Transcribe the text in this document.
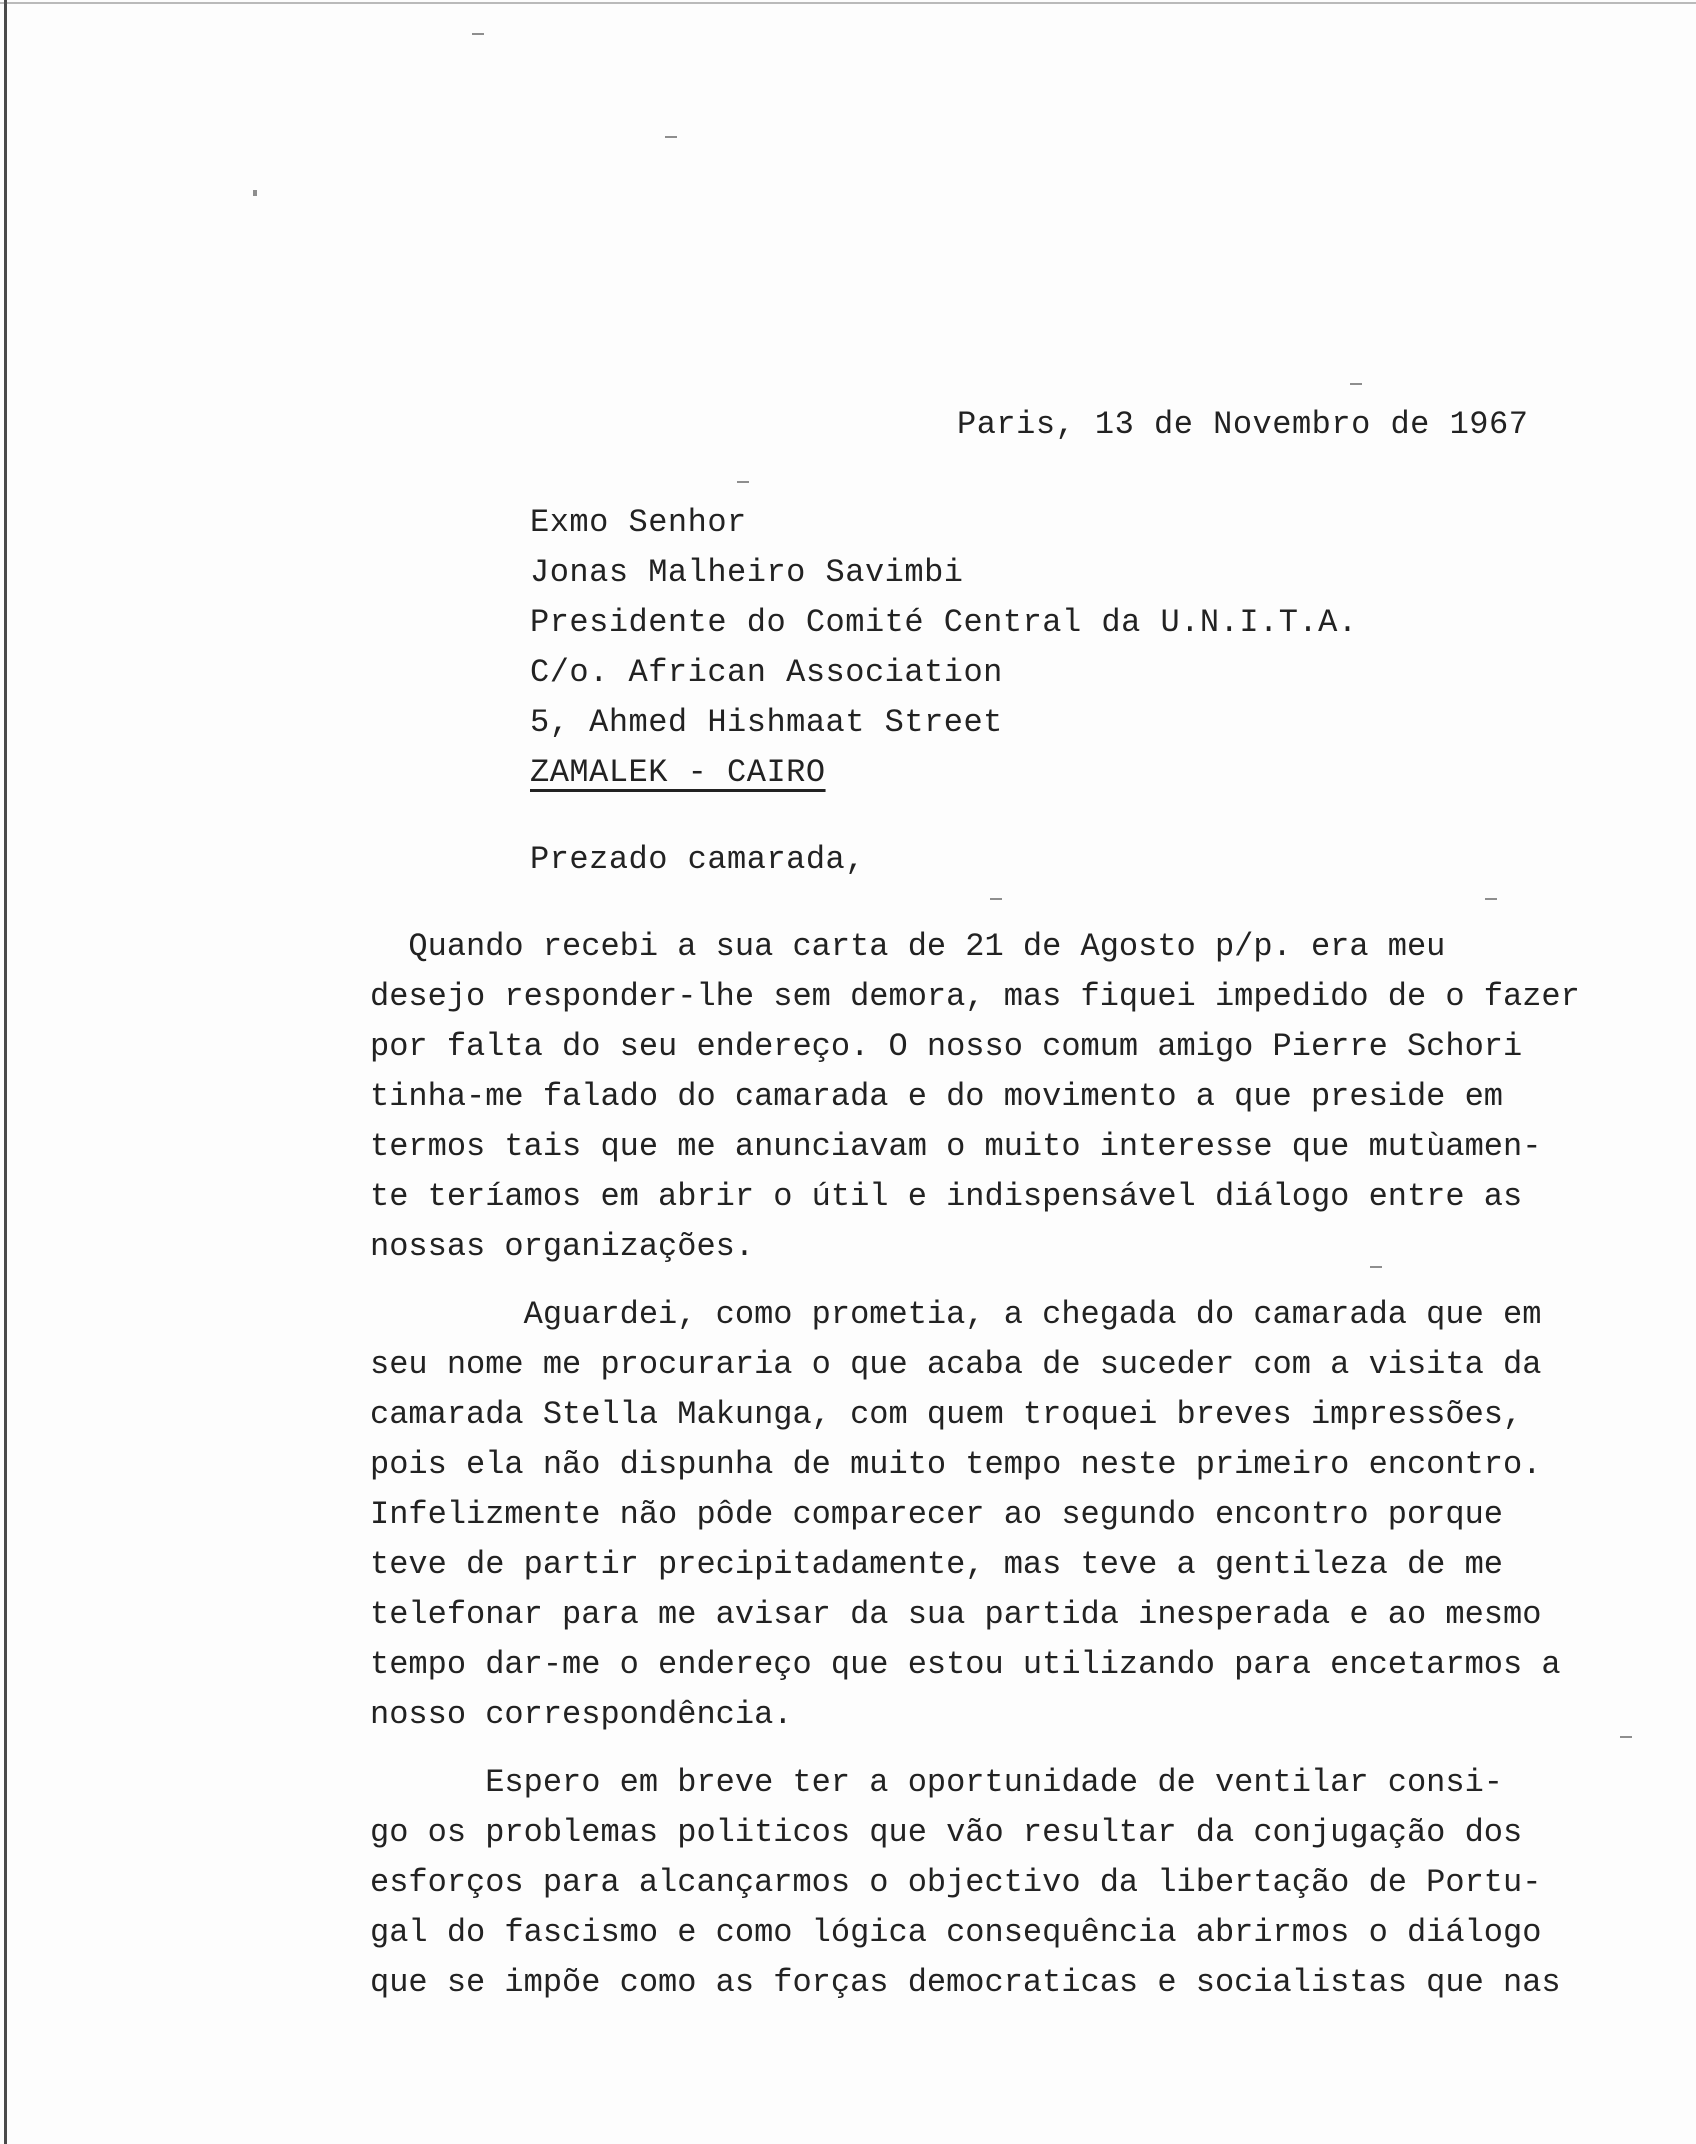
Paris, 13 de Novembro de 1967
Exmo Senhor
Jonas Malheiro Savimbi
Presidente do Comité Central da U.N.I.T.A.
C/o. African Association
5, Ahmed Hishmaat Street
ZAMALEK - CAIRO
Prezado camarada,
Quando recebi a sua carta de 21 de Agosto p/p. era meu
desejo responder-lhe sem demora, mas fiquei impedido de o fazer
por falta do seu endereço. O nosso comum amigo Pierre Schori
tinha-me falado do camarada e do movimento a que preside em
termos tais que me anunciavam o muito interesse que mutùamen-
te teríamos em abrir o útil e indispensável diálogo entre as
nossas organizações.
Aguardei, como prometia, a chegada do camarada que em
seu nome me procuraria o que acaba de suceder com a visita da
camarada Stella Makunga, com quem troquei breves impressões,
pois ela não dispunha de muito tempo neste primeiro encontro.
Infelizmente não pôde comparecer ao segundo encontro porque
teve de partir precipitadamente, mas teve a gentileza de me
telefonar para me avisar da sua partida inesperada e ao mesmo
tempo dar-me o endereço que estou utilizando para encetarmos a
nosso correspondência.
Espero em breve ter a oportunidade de ventilar consi-
go os problemas politicos que vão resultar da conjugação dos
esforços para alcançarmos o objectivo da libertação de Portu-
gal do fascismo e como lógica consequência abrirmos o diálogo
que se impõe como as forças democraticas e socialistas que nas
